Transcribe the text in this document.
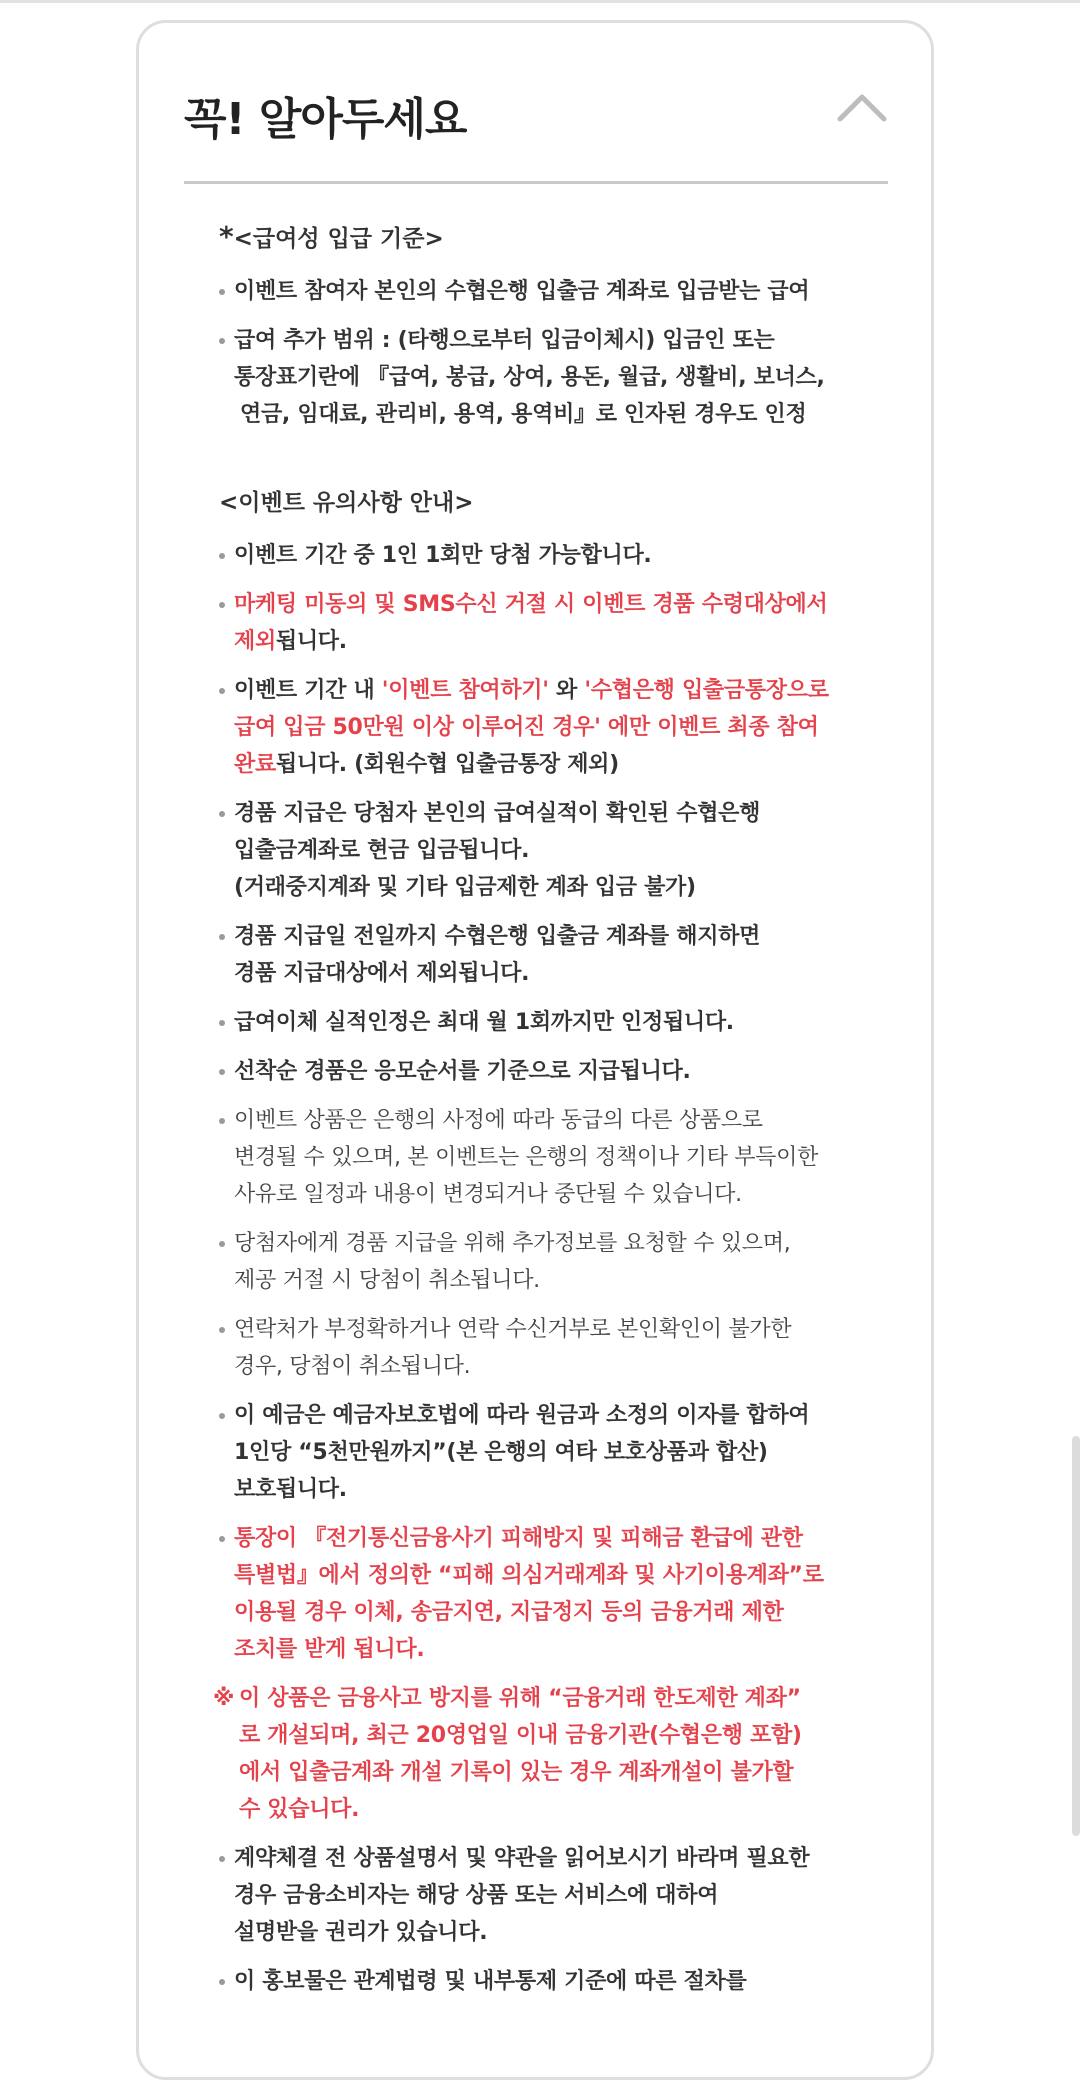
꼭! 알아두세요

*<급여성 입급 기준>

이벤트 참여자 본인의 수협은행 입출금 계좌로 입금받는 급여
급여 추가 범위 : (타행으로부터 입금이체시) 입금인 또는
통장표기란에 『급여, 봉급, 상여, 용돈, 월급, 생활비, 보너스,
연금, 임대료, 관리비, 용역, 용역비』로 인자된 경우도 인정

<이벤트 유의사항 안내>

이벤트 기간 중 1인 1회만 당첨 가능합니다.
마케팅 미동의 및 SMS수신 거절 시 이벤트 경품 수령대상에서
제외됩니다.
이벤트 기간 내 '이벤트 참여하기' 와 '수협은행 입출금통장으로
급여 입금 50만원 이상 이루어진 경우' 에만 이벤트 최종 참여
완료됩니다. (회원수협 입출금통장 제외)
경품 지급은 당첨자 본인의 급여실적이 확인된 수협은행
입출금계좌로 현금 입금됩니다.
(거래중지계좌 및 기타 입금제한 계좌 입금 불가)
경품 지급일 전일까지 수협은행 입출금 계좌를 해지하면
경품 지급대상에서 제외됩니다.
급여이체 실적인정은 최대 월 1회까지만 인정됩니다.
선착순 경품은 응모순서를 기준으로 지급됩니다.
이벤트 상품은 은행의 사정에 따라 동급의 다른 상품으로
변경될 수 있으며, 본 이벤트는 은행의 정책이나 기타 부득이한
사유로 일정과 내용이 변경되거나 중단될 수 있습니다.
당첨자에게 경품 지급을 위해 추가정보를 요청할 수 있으며,
제공 거절 시 당첨이 취소됩니다.
연락처가 부정확하거나 연락 수신거부로 본인확인이 불가한
경우, 당첨이 취소됩니다.
이 예금은 예금자보호법에 따라 원금과 소정의 이자를 합하여
1인당 “5천만원까지”(본 은행의 여타 보호상품과 합산)
보호됩니다.
통장이 『전기통신금융사기 피해방지 및 피해금 환급에 관한
특별법』에서 정의한 “피해 의심거래계좌 및 사기이용계좌”로
이용될 경우 이체, 송금지연, 지급정지 등의 금융거래 제한
조치를 받게 됩니다.
※ 이 상품은 금융사고 방지를 위해 “금융거래 한도제한 계좌”
로 개설되며, 최근 20영업일 이내 금융기관(수협은행 포함)
에서 입출금계좌 개설 기록이 있는 경우 계좌개설이 불가할
수 있습니다.
계약체결 전 상품설명서 및 약관을 읽어보시기 바라며 필요한
경우 금융소비자는 해당 상품 또는 서비스에 대하여
설명받을 권리가 있습니다.
이 홍보물은 관계법령 및 내부통제 기준에 따른 절차를
